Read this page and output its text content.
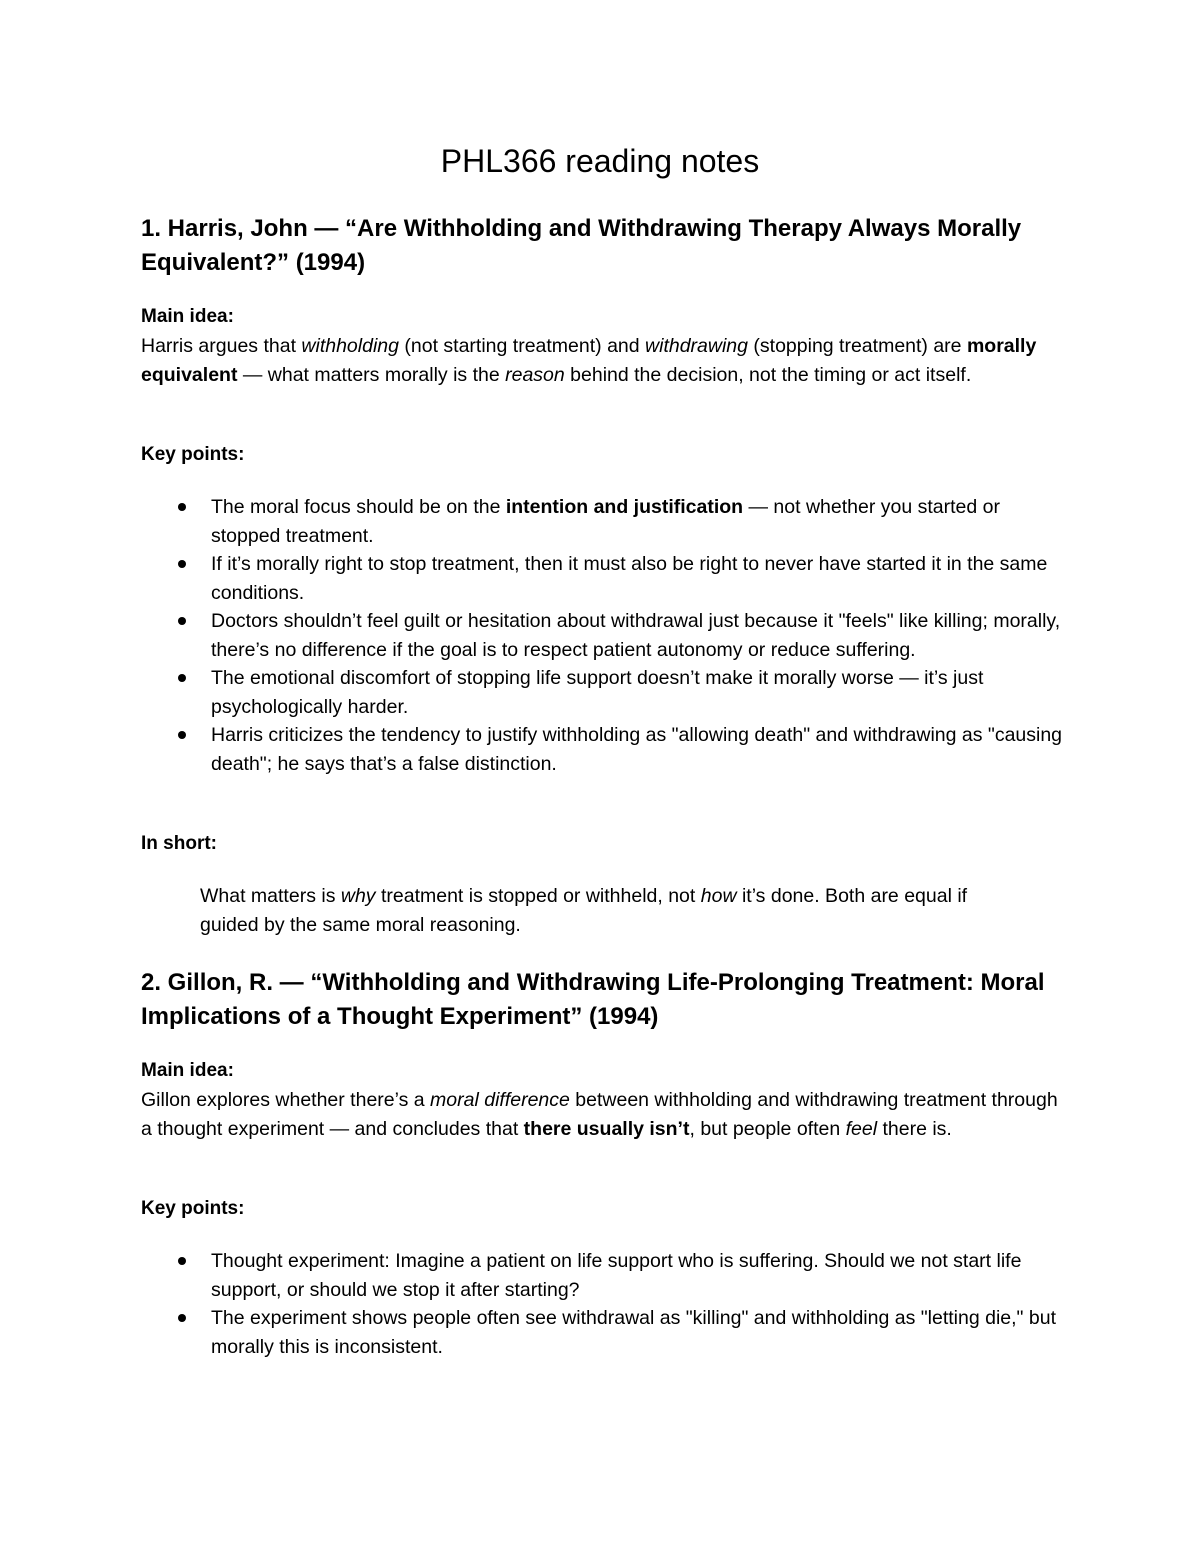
PHL366 reading notes
1. Harris, John — “Are Withholding and Withdrawing Therapy Always Morally Equivalent?” (1994)

Main idea:

Harris argues that withholding (not starting treatment) and withdrawing (stopping treatment) are morally equivalent — what matters morally is the reason behind the decision, not the timing or act itself.

Key points:

The moral focus should be on the intention and justification — not whether you started or stopped treatment.
If it’s morally right to stop treatment, then it must also be right to never have started it in the same conditions.
Doctors shouldn’t feel guilt or hesitation about withdrawal just because it "feels" like killing; morally, there’s no difference if the goal is to respect patient autonomy or reduce suffering.
The emotional discomfort of stopping life support doesn’t make it morally worse — it’s just psychologically harder.
Harris criticizes the tendency to justify withholding as "allowing death" and withdrawing as "causing death"; he says that’s a false distinction.

In short:

What matters is why treatment is stopped or withheld, not how it’s done. Both are equal if guided by the same moral reasoning.

2. Gillon, R. — “Withholding and Withdrawing Life-Prolonging Treatment: Moral Implications of a Thought Experiment” (1994)

Main idea:

Gillon explores whether there’s a moral difference between withholding and withdrawing treatment through a thought experiment — and concludes that there usually isn’t, but people often feel there is.

Key points:

Thought experiment: Imagine a patient on life support who is suffering. Should we not start life support, or should we stop it after starting?
The experiment shows people often see withdrawal as "killing" and withholding as "letting die," but morally this is inconsistent.
